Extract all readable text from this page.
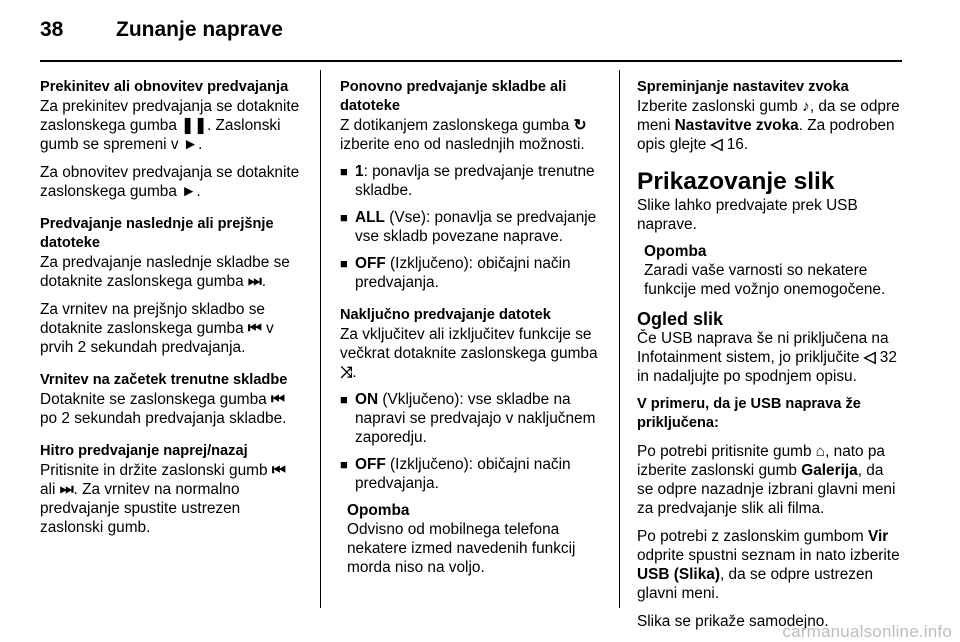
38	Zunanje naprave

Prekinitev ali obnovitev predvajanja

Za prekinitev predvajanja se dotaknite zaslonskega gumba ❚❚. Zaslonski gumb se spremeni v ►.

Za obnovitev predvajanja se dotaknite zaslonskega gumba ►.

Predvajanje naslednje ali prejšnje datoteke

Za predvajanje naslednje skladbe se dotaknite zaslonskega gumba ⏭.

Za vrnitev na prejšnjo skladbo se dotaknite zaslonskega gumba ⏮ v prvih 2 sekundah predvajanja.

Vrnitev na začetek trenutne skladbe

Dotaknite se zaslonskega gumba ⏮ po 2 sekundah predvajanja skladbe.

Hitro predvajanje naprej/nazaj

Pritisnite in držite zaslonski gumb ⏮ ali ⏭. Za vrnitev na normalno predvajanje spustite ustrezen zaslonski gumb.

Ponovno predvajanje skladbe ali datoteke

Z dotikanjem zaslonskega gumba ↻ izberite eno od naslednjih možnosti.

■ 1: ponavlja se predvajanje trenutne skladbe.
■ ALL (Vse): ponavlja se predvajanje vse skladb povezane naprave.
■ OFF (Izključeno): običajni način predvajanja.

Naključno predvajanje datotek

Za vključitev ali izključitev funkcije se večkrat dotaknite zaslonskega gumba ⤨.

■ ON (Vključeno): vse skladbe na napravi se predvajajo v naključnem zaporedju.
■ OFF (Izključeno): običajni način predvajanja.

Opomba

Odvisno od mobilnega telefona nekatere izmed navedenih funkcij morda niso na voljo.

Spreminjanje nastavitev zvoka

Izberite zaslonski gumb ♪, da se odpre meni Nastavitve zvoka. Za podroben opis glejte ◁ 16.

Prikazovanje slik

Slike lahko predvajate prek USB naprave.

Opomba

Zaradi vaše varnosti so nekatere funkcije med vožnjo onemogočene.

Ogled slik

Če USB naprava še ni priključena na Infotainment sistem, jo priključite ◁ 32 in nadaljujte po spodnjem opisu.

V primeru, da je USB naprava že priključena:

Po potrebi pritisnite gumb ⌂, nato pa izberite zaslonski gumb Galerija, da se odpre nazadnje izbrani glavni meni za predvajanje slik ali filma.

Po potrebi z zaslonskim gumbom Vir odprite spustni seznam in nato izberite USB (Slika), da se odpre ustrezen glavni meni.

Slika se prikaže samodejno.

carmanualsonline.info
